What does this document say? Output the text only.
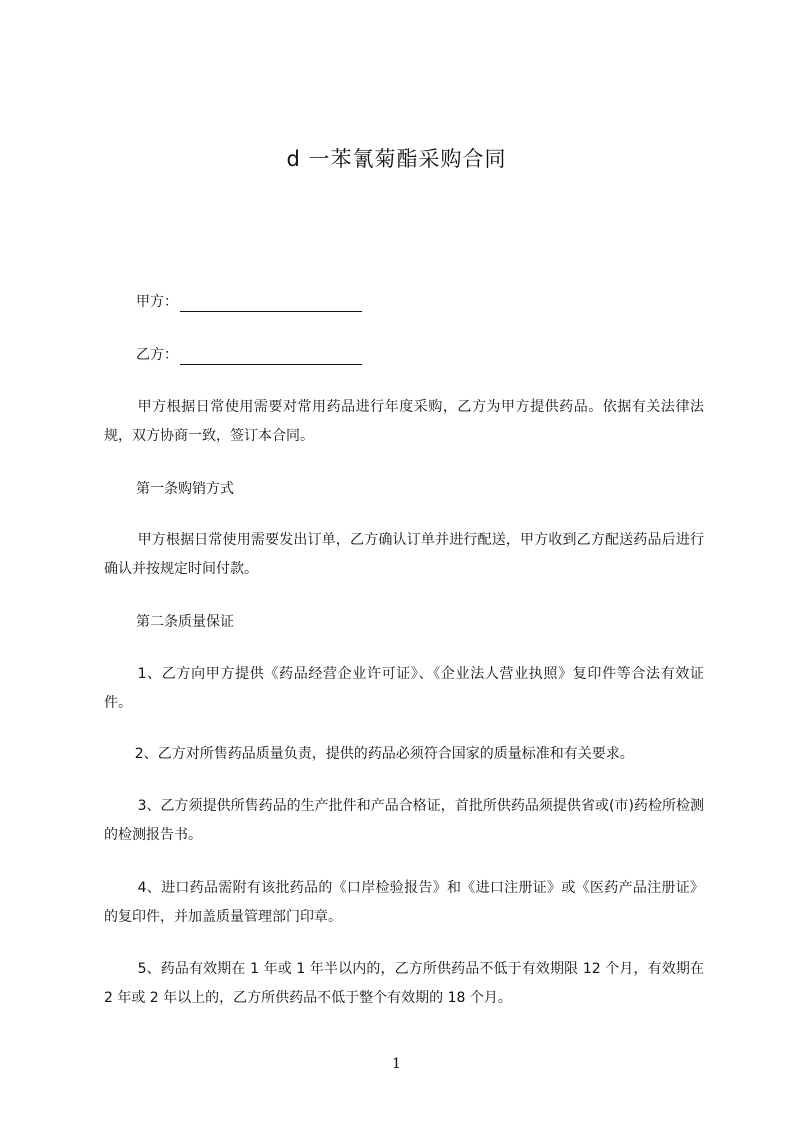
d 一苯氰菊酯采购合同
甲方：
乙方：
甲方根据日常使用需要对常用药品进行年度采购，乙方为甲方提供药品。依据有关法律法规，双方协商一致，签订本合同。
第一条购销方式
甲方根据日常使用需要发出订单，乙方确认订单并进行配送，甲方收到乙方配送药品后进行确认并按规定时间付款。
第二条质量保证
1、乙方向甲方提供《药品经营企业许可证》、《企业法人营业执照》复印件等合法有效证件。
2、乙方对所售药品质量负责，提供的药品必须符合国家的质量标准和有关要求。
3、乙方须提供所售药品的生产批件和产品合格证，首批所供药品须提供省或(市)药检所检测的检测报告书。
4、进口药品需附有该批药品的《口岸检验报告》和《进口注册证》或《医药产品注册证》的复印件，并加盖质量管理部门印章。
5、药品有效期在 1 年或 1 年半以内的，乙方所供药品不低于有效期限 12 个月，有效期在 2 年或 2 年以上的，乙方所供药品不低于整个有效期的 18 个月。
1
